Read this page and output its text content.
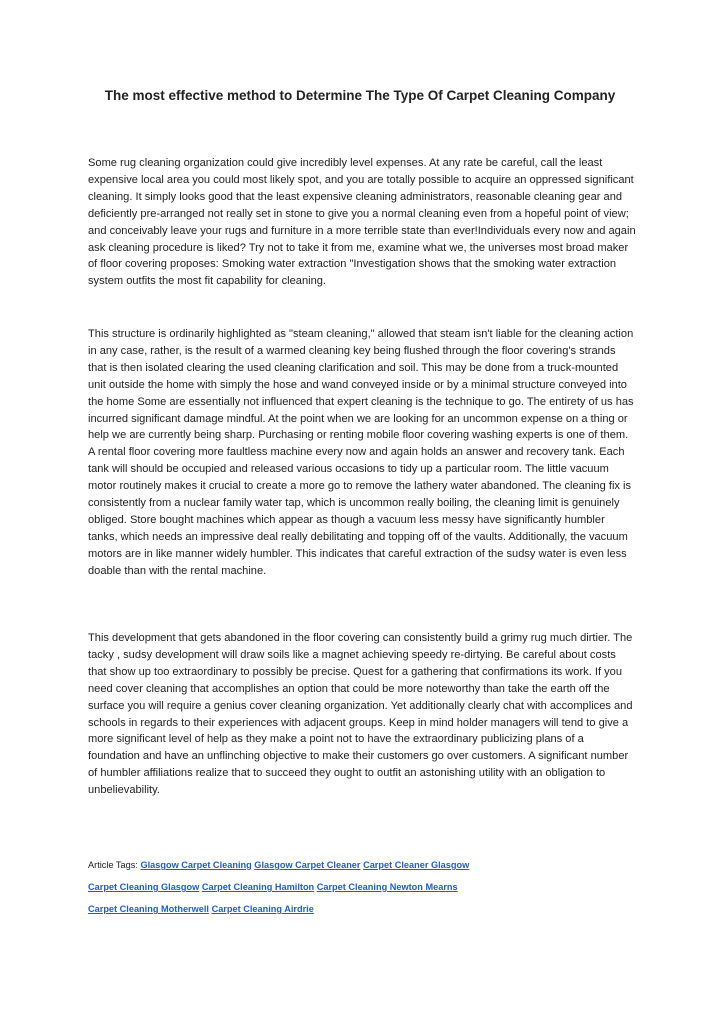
The most effective method to Determine The Type Of Carpet Cleaning Company

Some rug cleaning organization could give incredibly level expenses. At any rate be careful, call the least expensive local area you could most likely spot, and you are totally possible to acquire an oppressed significant cleaning. It simply looks good that the least expensive cleaning administrators, reasonable cleaning gear and deficiently pre-arranged not really set in stone to give you a normal cleaning even from a hopeful point of view; and conceivably leave your rugs and furniture in a more terrible state than ever!Individuals every now and again ask cleaning procedure is liked? Try not to take it from me, examine what we, the universes most broad maker of floor covering proposes: Smoking water extraction "Investigation shows that the smoking water extraction system outfits the most fit capability for cleaning.

This structure is ordinarily highlighted as "steam cleaning," allowed that steam isn't liable for the cleaning action in any case, rather, is the result of a warmed cleaning key being flushed through the floor covering's strands that is then isolated clearing the used cleaning clarification and soil. This may be done from a truck-mounted unit outside the home with simply the hose and wand conveyed inside or by a minimal structure conveyed into the home Some are essentially not influenced that expert cleaning is the technique to go. The entirety of us has incurred significant damage mindful. At the point when we are looking for an uncommon expense on a thing or help we are currently being sharp. Purchasing or renting mobile floor covering washing experts is one of them. A rental floor covering more faultless machine every now and again holds an answer and recovery tank. Each tank will should be occupied and released various occasions to tidy up a particular room. The little vacuum motor routinely makes it crucial to create a more go to remove the lathery water abandoned. The cleaning fix is consistently from a nuclear family water tap, which is uncommon really boiling, the cleaning limit is genuinely obliged. Store bought machines which appear as though a vacuum less messy have significantly humbler tanks, which needs an impressive deal really debilitating and topping off of the vaults. Additionally, the vacuum motors are in like manner widely humbler. This indicates that careful extraction of the sudsy water is even less doable than with the rental machine.

This development that gets abandoned in the floor covering can consistently build a grimy rug much dirtier. The tacky , sudsy development will draw soils like a magnet achieving speedy re-dirtying. Be careful about costs that show up too extraordinary to possibly be precise. Quest for a gathering that confirmations its work. If you need cover cleaning that accomplishes an option that could be more noteworthy than take the earth off the surface you will require a genius cover cleaning organization. Yet additionally clearly chat with accomplices and schools in regards to their experiences with adjacent groups. Keep in mind holder managers will tend to give a more significant level of help as they make a point not to have the extraordinary publicizing plans of a foundation and have an unflinching objective to make their customers go over customers. A significant number of humbler affiliations realize that to succeed they ought to outfit an astonishing utility with an obligation to unbelievability.

Article Tags: Glasgow Carpet Cleaning Glasgow Carpet Cleaner Carpet Cleaner Glasgow
Carpet Cleaning Glasgow Carpet Cleaning Hamilton Carpet Cleaning Newton Mearns
Carpet Cleaning Motherwell Carpet Cleaning Airdrie
